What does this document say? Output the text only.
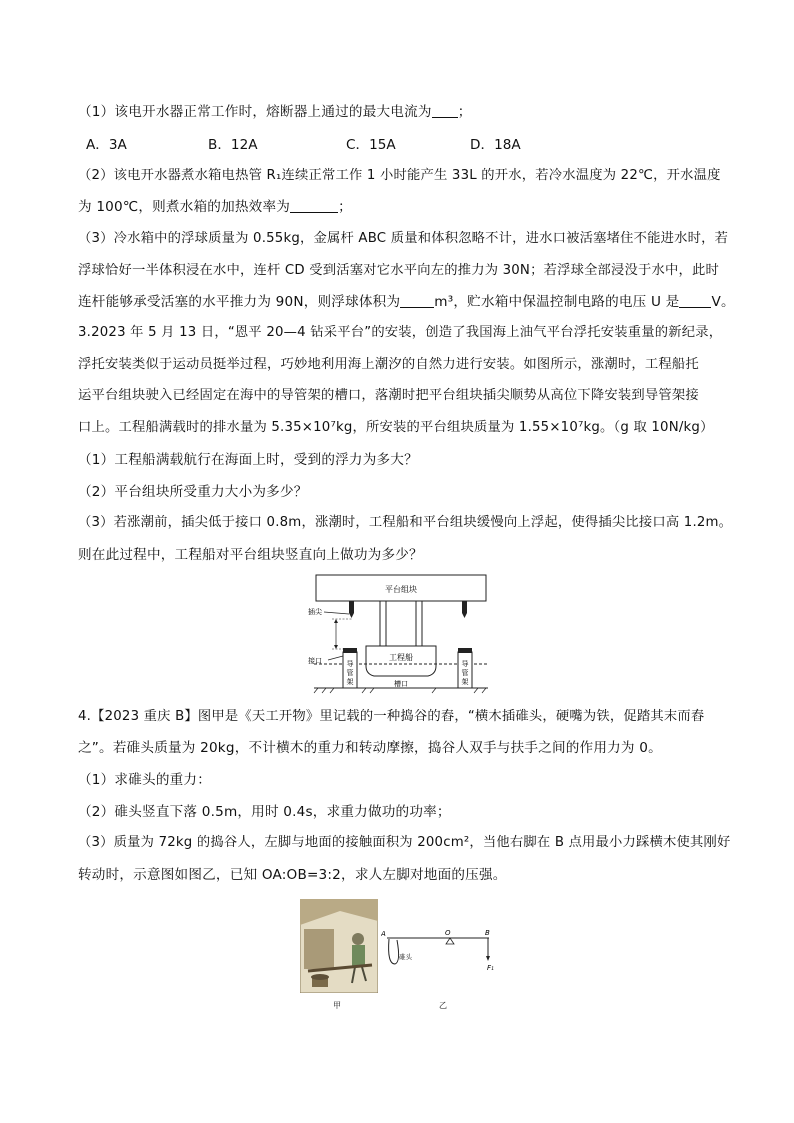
（1）该电开水器正常工作时，熔断器上通过的最大电流为 ；
A．3A	B．12A	C．15A	D．18A
（2）该电开水器煮水箱电热管 R₁连续正常工作 1 小时能产生 33L 的开水，若冷水温度为 22℃，开水温度
为 100℃，则煮水箱的加热效率为	；
（3）冷水箱中的浮球质量为 0.55kg，金属杆 ABC 质量和体积忽略不计，进水口被活塞堵住不能进水时，若
浮球恰好一半体积浸在水中，连杆 CD 受到活塞对它水平向左的推力为 30N；若浮球全部浸没于水中，此时
连杆能够承受活塞的水平推力为 90N，则浮球体积为	m³，贮水箱中保温控制电路的电压 U 是 V。
3.2023 年 5 月 13 日，“恩平 20—4 钻采平台”的安装，创造了我国海上油气平台浮托安装重量的新纪录，
浮托安装类似于运动员挺举过程，巧妙地利用海上潮汐的自然力进行安装。如图所示，涨潮时，工程船托
运平台组块驶入已经固定在海中的导管架的槽口，落潮时把平台组块插尖顺势从高位下降安装到导管架接
口上。工程船满载时的排水量为 5.35×10⁷kg，所安装的平台组块质量为 1.55×10⁷kg。（g 取 10N/kg）
（1）工程船满载航行在海面上时，受到的浮力为多大？
（2）平台组块所受重力大小为多少？
（3）若涨潮前，插尖低于接口 0.8m，涨潮时，工程船和平台组块缓慢向上浮起，使得插尖比接口高 1.2m。
则在此过程中，工程船对平台组块竖直向上做功为多少？
平台组块
工程船
导
管
架
导
管
架
槽口
插尖
接口
4.【2023 重庆 B】图甲是《天工开物》里记载的一种捣谷的舂，“横木插碓头，硬嘴为铁，促踏其末而舂
之”。若碓头质量为 20kg，不计横木的重力和转动摩擦，捣谷人双手与扶手之间的作用力为 0。
（1）求碓头的重力：
（2）碓头竖直下落 0.5m，用时 0.4s，求重力做功的功率；
（3）质量为 72kg 的捣谷人，左脚与地面的接触面积为 200cm²，当他右脚在 B 点用最小力踩横木使其刚好
转动时，示意图如图乙，已知 OA:OB=3:2，求人左脚对地面的压强。
甲
A	O	B
碓头
F₁
乙
